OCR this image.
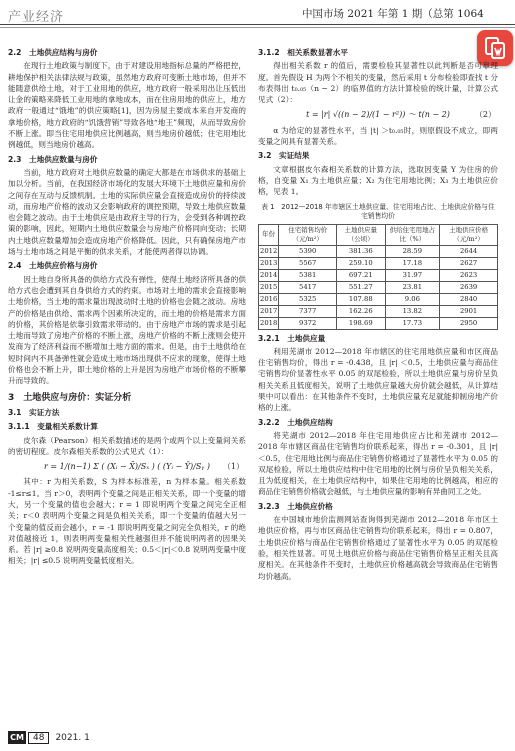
产业经济	中国市场 2021 年第 1 期（总第 1064
2.2　土地供应结构与房价

在现行土地政策与制度下，由于对建设用地指标总量的严格把控，耕地保护相关法律法规与政策，虽然地方政府可变断土地市场，但并不能随意供给土地，对于工业用地的供应，地方政府一般采用出让压低出让金的策略来降低工业用地的拿地成本，而在住房用地的供应上，地方政府一般通过“饿地”的供应策略[1]，因为房屋主要成本来自开发商的拿地价格，地方政府的“饥饿营销”导致各地“地王”频现，从而导致房价不断上涨。即当住宅用地供应比例越高，则当地房价越低；住宅用地比例越低，则当地房价越高。

2.3　土地供应数量与房价

当前，地方政府对土地供应数量的确定大都是在市场供求的基础上加以分析。当前，在我国经济市场化的发展大环境下土地供应量和房价之间存在互动与反馈机制。土地的实际供应量会直接造成房价的持续波动，而房地产价格的波动又会影响政府的调控预期，导致土地供应数量也会随之波动。由于土地供应是由政府主导的行为，会受到各种调控政策的影响，因此，短期内土地供应数量会与房地产价格同向变动；长期内土地供应数量增加会造成房地产价格降低。因此，只有确保房地产市场与土地市场之间是平衡的供求关系，才能使两者得以协调。

2.4　土地供应价格与房价

因土地自身所具备的供给方式没有弹性，使得土地经济所具备的供给方式也会遭到其自身供给方式的约束。市场对土地的需求会直接影响土地价格，当土地的需求量出现波动时土地的价格也会随之波动。房地产的价格是由供给、需求两个因素所决定的，而土地的价格是需求方面的价格，其价格是依靠引致需求带动的。由于房地产市场的需求是引起土地而导致了房地产价格的不断上涨，房地产价格的不断上涨则会使开发商为了经济利益而不断增加土地方面的需求。但是，由于土地供给在短时间内不具备弹性就会造成土地市场出现供不应求的现象，使得土地价格也会不断上升，即土地价格的上升是因为房地产市场价格的不断攀升而导致的。

3　土地供应与房价：实证分析
3.1　实证方法
3.1.1　变量相关系数计算

皮尔森（Pearson）相关系数描述的是两个或两个以上变量间关系的密切程度。皮尔森相关系数的公式见式（1）：

r = 1/(n−1) Σ ( (Xᵢ − X̄)/Sₓ ) ( (Yᵢ − Ȳ)/Sᵧ ) （1）

其中：r 为相关系数，S 为样本标准差，n 为样本量。相关系数 -1≤r≤1。当 r＞0，表明两个变量之间是正相关关系，即一个变量的增大，另一个变量的值也会越大；r = 1 即说明两个变量之间完全正相关；r＜0 表明两个变量之间是负相关关系，即一个变量的值越大另一个变量的值反而会越小，r = -1 即说明两变量之间完全负相关，r 的绝对值越接近 1，则表明两变量相关性越强但并不能说明两者的因果关系。若 |r| ≥0.8 说明两变量高度相关；0.5＜|r|＜0.8 说明两变量中度相关；|r| ≤0.5 说明两变量低度相关。

3.1.2　相关系数显著水平

得出相关系数 r 的值后，需要检验其显著性以此判断是否可靠理度。首先假设 H 为两个不相关的变量，然后采用 t 分布检验即查找 t 分布表得出 t₀.₀₅（n − 2）的临界值的方法计算检验的统计量，计算公式见式（2）：

t = |r| √((n − 2)/(1 − r²)) ～ t(n − 2)	（2）

α 为给定的显著性水平，当 |t| ＞t₀.₀₅时，则原假设不成立，即两变量之间具有显著关系。

3.2　实证结果

文章根据皮尔森相关系数的计算方法，选取因变量 Y 为住房的价格，自变量 X₁ 为土地供应量；X₂ 为住宅用地比例；X₃ 为土地供应价格，见表 1。

表 1　2012—2018 年市辖区土地供应量、住宅用地占比、土地供应价格与住宅销售均价
年份	住宅销售均价（元/m²）	土地供应量（公顷）	供给住宅用地占比（%）	土地供应价格（元/m²）
2012	5390	381.36	28.59	2644
2013	5567	259.10	17.18	2627
2014	5381	697.21	31.97	2623
2015	5417	551.27	23.81	2639
2016	5325	107.88	9.06	2840
2017	7377	162.26	13.82	2901
2018	9372	198.69	17.73	2950
3.2.1　土地供应量

利用芜湖市 2012—2018 年市辖区的住宅用地供应量和市区商品住宅销售均价，得出 r = -0.438，且 |r| ＜0.5，土地供应量与商品住宅销售均价显著性水平 0.05 的双尾检验，所以土地供应量与房价呈负相关关系且低度相关，说明了土地供应量越大房价就会越低，从计算结果中可以看出：在其他条件不变时，土地供应量充足就能抑制房地产价格的上涨。

3.2.2　土地供应结构

将芜湖市 2012—2018 年住宅用地供应占比和芜湖市 2012—2018 年市辖区商品住宅销售均价联系起来，得出 r = -0.301，且 |r| ＜0.5，住宅用地比例与商品住宅销售价格通过了显著性水平为 0.05 的双尾检验，所以土地供应结构中住宅用地的比例与房价呈负相关关系，且为低度相关，在土地供应结构中，如果住宅用地的比例越高，相应的商品住宅销售价格就会越低，与土地供应量的影响有异曲同工之处。

3.2.3　土地供应价格

在中国城市地价监测网站查询得到芜湖市 2012—2018 年市区土地供应价格，再与市区商品住宅销售均价联系起来，得出 r = 0.807，土地供应价格与商品住宅销售价格通过了显著性水平为 0.05 的双尾检验，相关性显著。可见土地供应价格与商品住宅销售价格呈正相关且高度相关。在其他条件不变时，土地供应价格越高就会导致商品住宅销售均价越高。

CM 48 2021. 1
